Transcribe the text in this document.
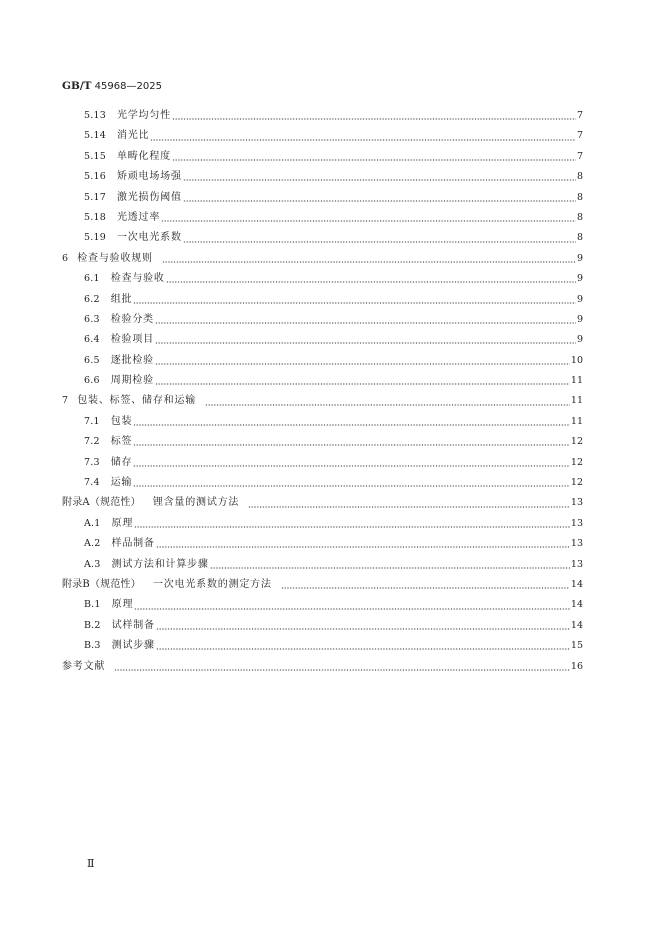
GB/T 45968—2025
5.13 光学均匀性	7
5.14 消光比	7
5.15 单畴化程度	7
5.16 矫顽电场场强	8
5.17 激光损伤阈值	8
5.18 光透过率	8
5.19 一次电光系数	8
6 检查与验收规则	9
6.1 检查与验收	9
6.2 组批	9
6.3 检验分类	9
6.4 检验项目	9
6.5 逐批检验	10
6.6 周期检验	11
7 包装、标签、储存和运输	11
7.1 包装	11
7.2 标签	12
7.3 储存	12
7.4 运输	12
附录A（规范性） 锂含量的测试方法	13
A.1 原理	13
A.2 样品制备	13
A.3 测试方法和计算步骤	13
附录B（规范性） 一次电光系数的测定方法	14
B.1 原理	14
B.2 试样制备	14
B.3 测试步骤	15
参考文献	16
Ⅱ
